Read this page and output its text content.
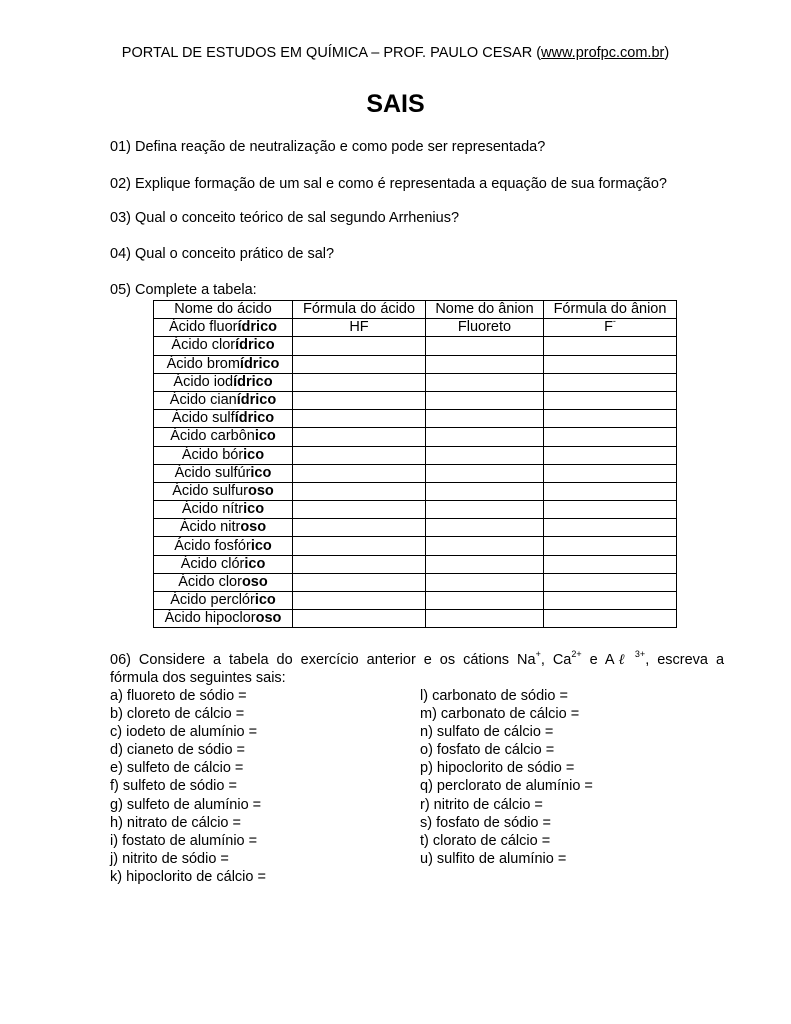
PORTAL DE ESTUDOS EM QUÍMICA – PROF. PAULO CESAR (www.profpc.com.br)
SAIS
01) Defina reação de neutralização e como pode ser representada?
02) Explique formação de um sal e como é representada a equação de sua formação?
03) Qual o conceito teórico de sal segundo Arrhenius?
04) Qual o conceito prático de sal?
05) Complete a tabela:
Nome do ácido	Fórmula do ácido	Nome do ânion	Fórmula do ânion
Ácido fluorídrico	HF	Fluoreto	F-
Ácido clorídrico			
Ácido bromídrico			
Ácido iodídrico			
Ácido cianídrico			
Ácido sulfídrico			
Ácido carbônico			
Ácido bórico			
Ácido sulfúrico			
Ácido sulfuroso			
Ácido nítrico			
Ácido nitroso			
Ácido fosfórico			
Ácido clórico			
Ácido cloroso			
Ácido perclórico			
Ácido hipocloroso			
06) Considere a tabela do exercício anterior e os cátions Na+, $Ca^{2+}$ e Aℓ $^{3+}$, escreva a
fórmula dos seguintes sais:
a) fluoreto de sódio =
b) cloreto de cálcio =
c) iodeto de alumínio =
d) cianeto de sódio =
e) sulfeto de cálcio =
f) sulfeto de sódio =
g) sulfeto de alumínio =
h) nitrato de cálcio =
i) fostato de alumínio =
j) nitrito de sódio =
k) hipoclorito de cálcio =
l) carbonato de sódio =
m) carbonato de cálcio =
n) sulfato de cálcio =
o) fosfato de cálcio =
p) hipoclorito de sódio =
q) perclorato de alumínio =
r) nitrito de cálcio =
s) fosfato de sódio =
t) clorato de cálcio =
u) sulfito de alumínio =
